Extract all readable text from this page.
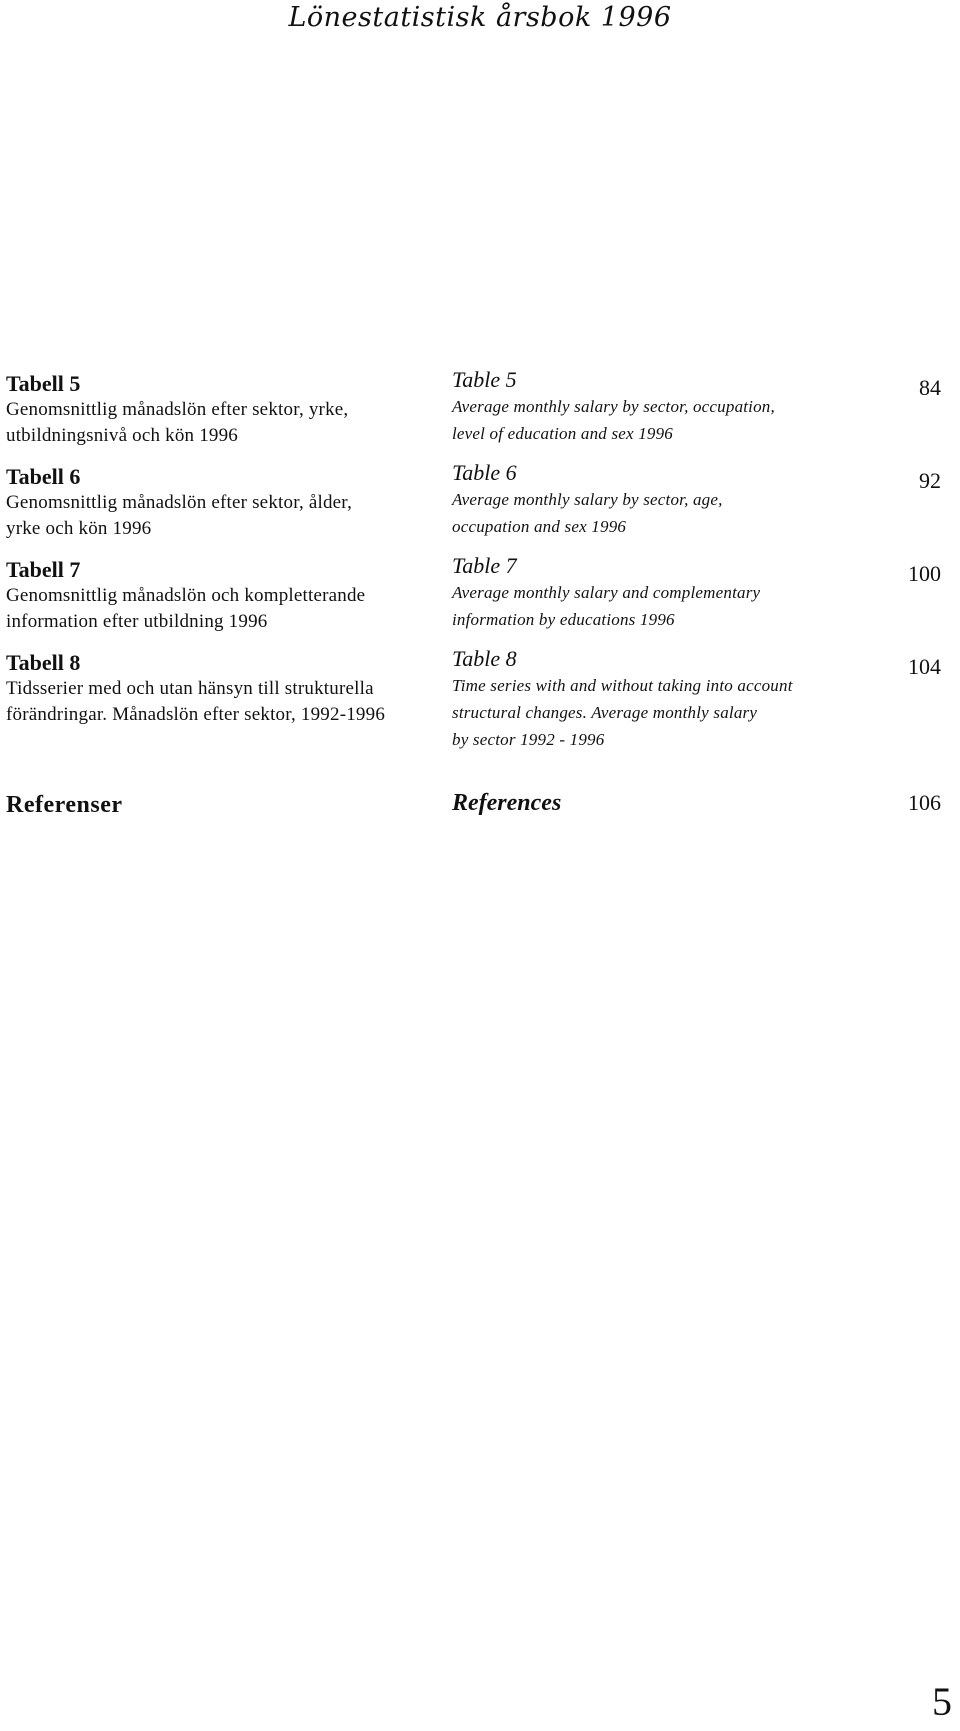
Lönestatistisk årsbok 1996
Tabell 5
Genomsnittlig månadslön efter sektor, yrke,
utbildningsnivå och kön 1996
Table 5
Average monthly salary by sector, occupation,
level of education and sex 1996
84
Tabell 6
Genomsnittlig månadslön efter sektor, ålder,
yrke och kön 1996
Table 6
Average monthly salary by sector, age,
occupation and sex 1996
92
Tabell 7
Genomsnittlig månadslön och kompletterande
information efter utbildning 1996
Table 7
Average monthly salary and complementary
information by educations 1996
100
Tabell 8
Tidsserier med och utan hänsyn till strukturella
förändringar. Månadslön efter sektor, 1992-1996
Table 8
Time series with and without taking into account
structural changes. Average monthly salary
by sector 1992 - 1996
104
Referenser	References	106
5
